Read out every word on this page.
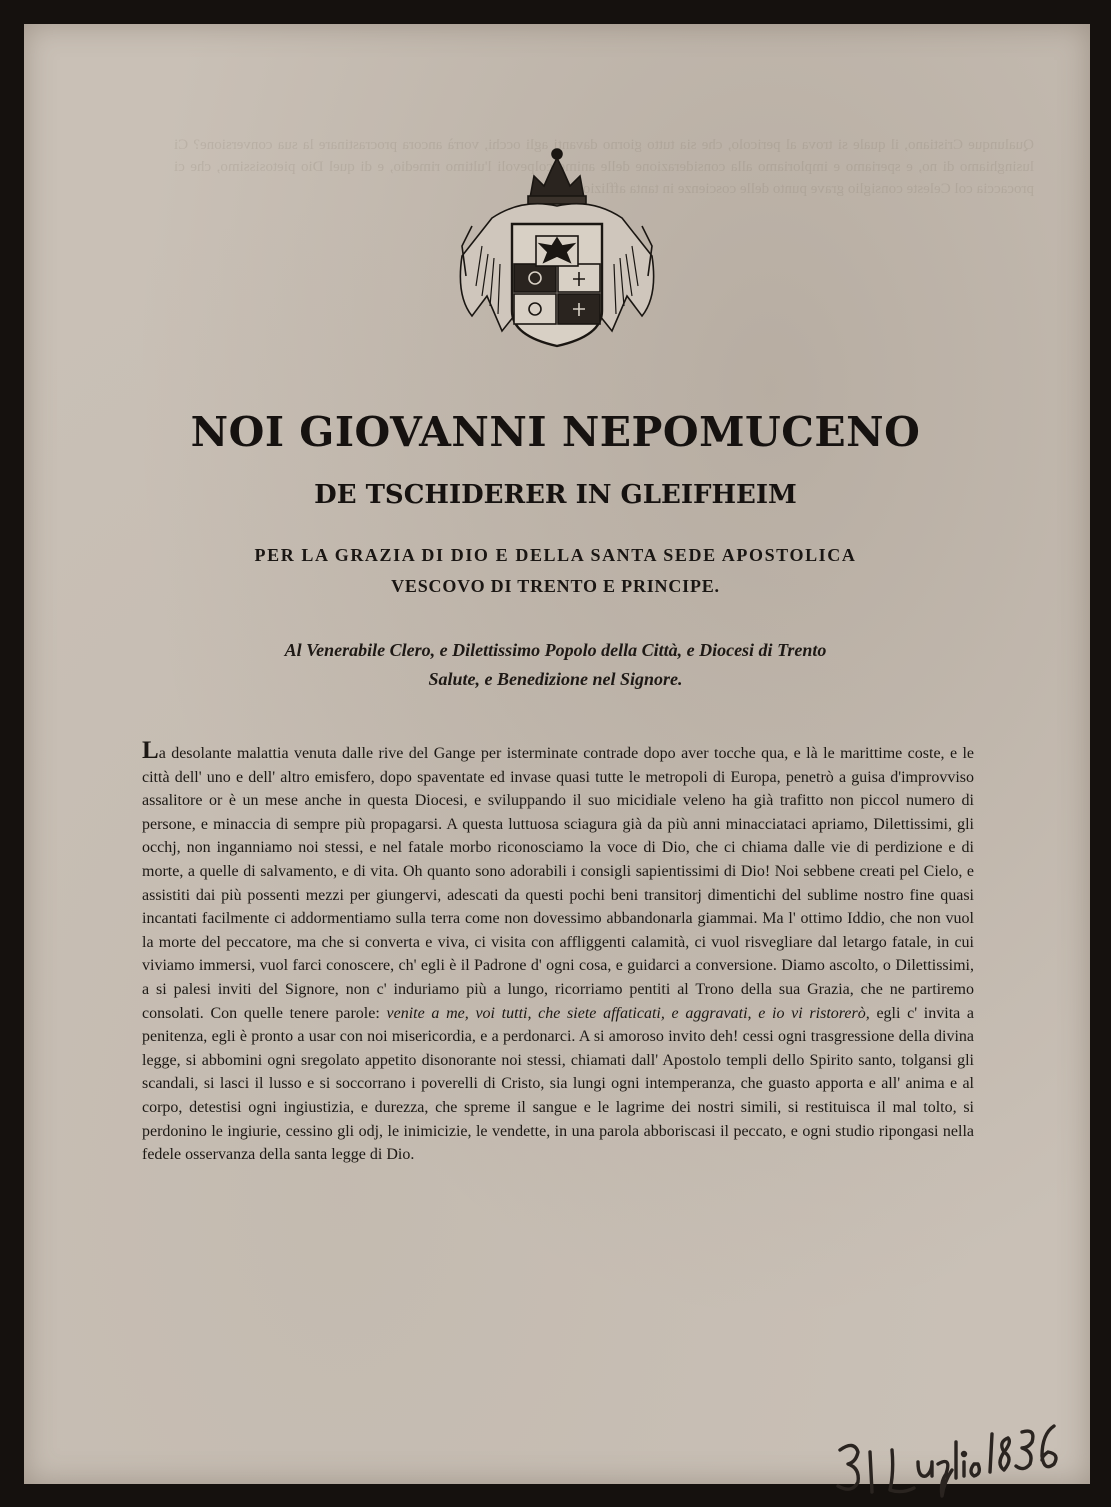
Qualunque Cristiano, il quale si trova al pericolo, che sia tutto giorno davanti agli occhi, vorrà ancora procrastinare la sua conversione? Ci lusinghiamo di no, e speriamo e imploriamo alla considerazione delle anime colpevoli l'ultimo rimedio, e di quel Dio pietosissimo, che ci procaccia col Celeste consiglio grave punto delle coscienze in tanta afflizione.
NOI GIOVANNI NEPOMUCENO
DE TSCHIDERER IN GLEIFHEIM

PER LA GRAZIA DI DIO E DELLA SANTA SEDE APOSTOLICA

VESCOVO DI TRENTO E PRINCIPE.

Al Venerabile Clero, e Dilettissimo Popolo della Città, e Diocesi di Trento

Salute, e Benedizione nel Signore.

La desolante malattia venuta dalle rive del Gange per isterminate contrade dopo aver tocche qua, e là le marittime coste, e le città dell' uno e dell' altro emisfero, dopo spaventate ed invase quasi tutte le metropoli di Europa, penetrò a guisa d'improvviso assalitore or è un mese anche in questa Diocesi, e sviluppando il suo micidiale veleno ha già trafitto non piccol numero di persone, e minaccia di sempre più propagarsi. A questa luttuosa sciagura già da più anni minacciataci apriamo, Dilettissimi, gli occhj, non inganniamo noi stessi, e nel fatale morbo riconosciamo la voce di Dio, che ci chiama dalle vie di perdizione e di morte, a quelle di salvamento, e di vita. Oh quanto sono adorabili i consigli sapientissimi di Dio! Noi sebbene creati pel Cielo, e assistiti dai più possenti mezzi per giungervi, adescati da questi pochi beni transitorj dimentichi del sublime nostro fine quasi incantati facilmente ci addormentiamo sulla terra come non dovessimo abbandonarla giammai. Ma l' ottimo Iddio, che non vuol la morte del peccatore, ma che si converta e viva, ci visita con affliggenti calamità, ci vuol risvegliare dal letargo fatale, in cui viviamo immersi, vuol farci conoscere, ch' egli è il Padrone d' ogni cosa, e guidarci a conversione. Diamo ascolto, o Dilettissimi, a si palesi inviti del Signore, non c' induriamo più a lungo, ricorriamo pentiti al Trono della sua Grazia, che ne partiremo consolati. Con quelle tenere parole: venite a me, voi tutti, che siete affaticati, e aggravati, e io vi ristorerò, egli c' invita a penitenza, egli è pronto a usar con noi misericordia, e a perdonarci. A si amoroso invito deh! cessi ogni trasgressione della divina legge, si abbomini ogni sregolato appetito disonorante noi stessi, chiamati dall' Apostolo templi dello Spirito santo, tolgansi gli scandali, si lasci il lusso e si soccorrano i poverelli di Cristo, sia lungi ogni intemperanza, che guasto apporta e all' anima e al corpo, detestisi ogni ingiustizia, e durezza, che spreme il sangue e le lagrime dei nostri simili, si restituisca il mal tolto, si perdonino le ingiurie, cessino gli odj, le inimicizie, le vendette, in una parola abboriscasi il peccato, e ogni studio ripongasi nella fedele osservanza della santa legge di Dio.
